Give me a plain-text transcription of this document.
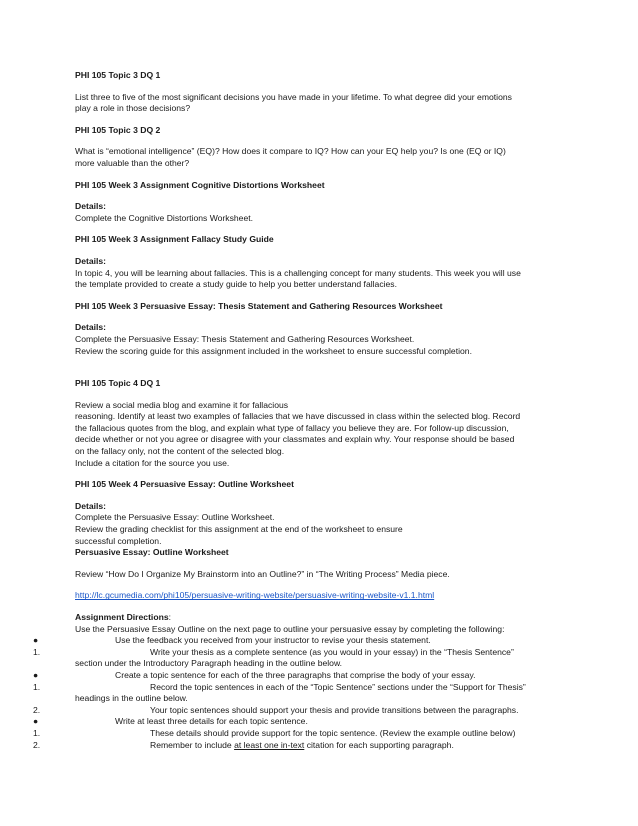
PHI 105 Topic 3 DQ 1
List three to five of the most significant decisions you have made in your lifetime. To what degree did your emotions
play a role in those decisions?
PHI 105 Topic 3 DQ 2
What is “emotional intelligence” (EQ)? How does it compare to IQ? How can your EQ help you? Is one (EQ or IQ)
more valuable than the other?
PHI 105 Week 3 Assignment Cognitive Distortions Worksheet
Details:
Complete the Cognitive Distortions Worksheet.
PHI 105 Week 3 Assignment Fallacy Study Guide
Details:
In topic 4, you will be learning about fallacies. This is a challenging concept for many students. This week you will use
the template provided to create a study guide to help you better understand fallacies.
PHI 105 Week 3 Persuasive Essay: Thesis Statement and Gathering Resources Worksheet
Details:
Complete the Persuasive Essay: Thesis Statement and Gathering Resources Worksheet.
Review the scoring guide for this assignment included in the worksheet to ensure successful completion.
PHI 105 Topic 4 DQ 1
Review a social media blog and examine it for fallacious
reasoning. Identify at least two examples of fallacies that we have discussed in class within the selected blog. Record
the fallacious quotes from the blog, and explain what type of fallacy you believe they are. For follow-up discussion,
decide whether or not you agree or disagree with your classmates and explain why. Your response should be based
on the fallacy only, not the content of the selected blog.
Include a citation for the source you use.
PHI 105 Week 4 Persuasive Essay: Outline Worksheet
Details:
Complete the Persuasive Essay: Outline Worksheet.
Review the grading checklist for this assignment at the end of the worksheet to ensure
successful completion.
Persuasive Essay: Outline Worksheet
Review “How Do I Organize My Brainstorm into an Outline?” in “The Writing Process” Media piece.
http://lc.gcumedia.com/phi105/persuasive-writing-website/persuasive-writing-website-v1.1.html
Assignment Directions:
Use the Persuasive Essay Outline on the next page to outline your persuasive essay by completing the following:
●	Use the feedback you received from your instructor to revise your thesis statement.
1.	Write your thesis as a complete sentence (as you would in your essay) in the “Thesis Sentence”
section under the Introductory Paragraph heading in the outline below.
●	Create a topic sentence for each of the three paragraphs that comprise the body of your essay.
1.	Record the topic sentences in each of the “Topic Sentence” sections under the “Support for Thesis”
headings in the outline below.
2.	Your topic sentences should support your thesis and provide transitions between the paragraphs.
●	Write at least three details for each topic sentence.
1.	These details should provide support for the topic sentence. (Review the example outline below)
2.	Remember to include at least one in-text citation for each supporting paragraph.
